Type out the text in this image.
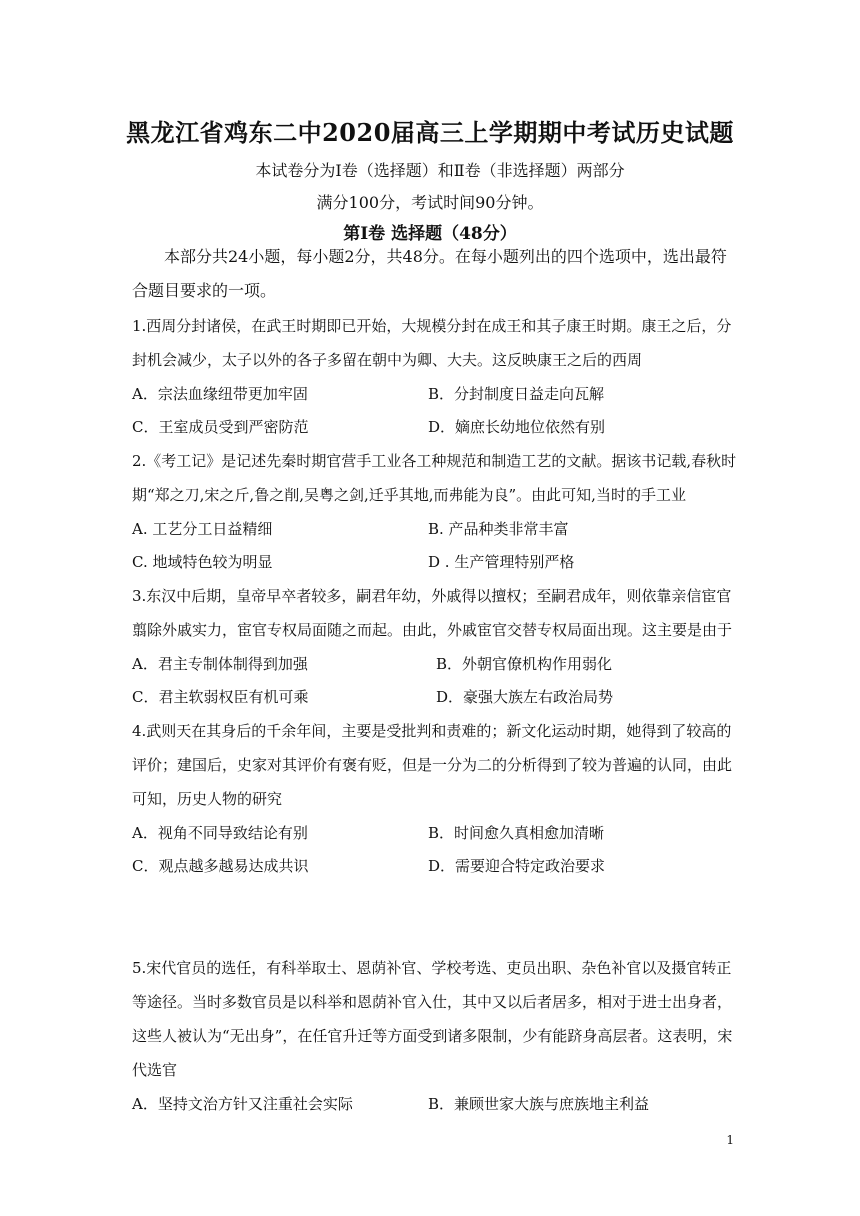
黑龙江省鸡东二中2020届高三上学期期中考试历史试题
本试卷分为Ⅰ卷（选择题）和Ⅱ卷（非选择题）两部分
满分100分，考试时间90分钟。
第Ⅰ卷 选择题（48分）
本部分共24小题，每小题2分，共48分。在每小题列出的四个选项中，选出最符合题目要求的一项。
1.西周分封诸侯，在武王时期即已开始，大规模分封在成王和其子康王时期。康王之后，分
封机会减少，太子以外的各子多留在朝中为卿、大夫。这反映康王之后的西周
A．宗法血缘纽带更加牢固	B．分封制度日益走向瓦解
C．王室成员受到严密防范	D．嫡庶长幼地位依然有别
2.《考工记》是记述先秦时期官营手工业各工种规范和制造工艺的文献。据该书记载,春秋时
期“郑之刀,宋之斤,鲁之削,吴粤之剑,迁乎其地,而弗能为良”。由此可知,当时的手工业
A. 工艺分工日益精细	B. 产品种类非常丰富
C. 地域特色较为明显	D . 生产管理特别严格
3.东汉中后期，皇帝早卒者较多，嗣君年幼，外戚得以擅权；至嗣君成年，则依靠亲信宦官
翦除外戚实力，宦官专权局面随之而起。由此，外戚宦官交替专权局面出现。这主要是由于
A．君主专制体制得到加强	B．外朝官僚机构作用弱化
C．君主软弱权臣有机可乘	D．豪强大族左右政治局势
4.武则天在其身后的千余年间，主要是受批判和责难的；新文化运动时期，她得到了较高的
评价；建国后，史家对其评价有褒有贬，但是一分为二的分析得到了较为普遍的认同，由此
可知，历史人物的研究
A．视角不同导致结论有别	B．时间愈久真相愈加清晰
C．观点越多越易达成共识	D．需要迎合特定政治要求
5.宋代官员的选任，有科举取士、恩荫补官、学校考选、吏员出职、杂色补官以及摄官转正
等途径。当时多数官员是以科举和恩荫补官入仕，其中又以后者居多，相对于进士出身者，
这些人被认为“无出身”，在任官升迁等方面受到诸多限制，少有能跻身高层者。这表明，宋
代选官
A．坚持文治方针又注重社会实际	B．兼顾世家大族与庶族地主利益
1
